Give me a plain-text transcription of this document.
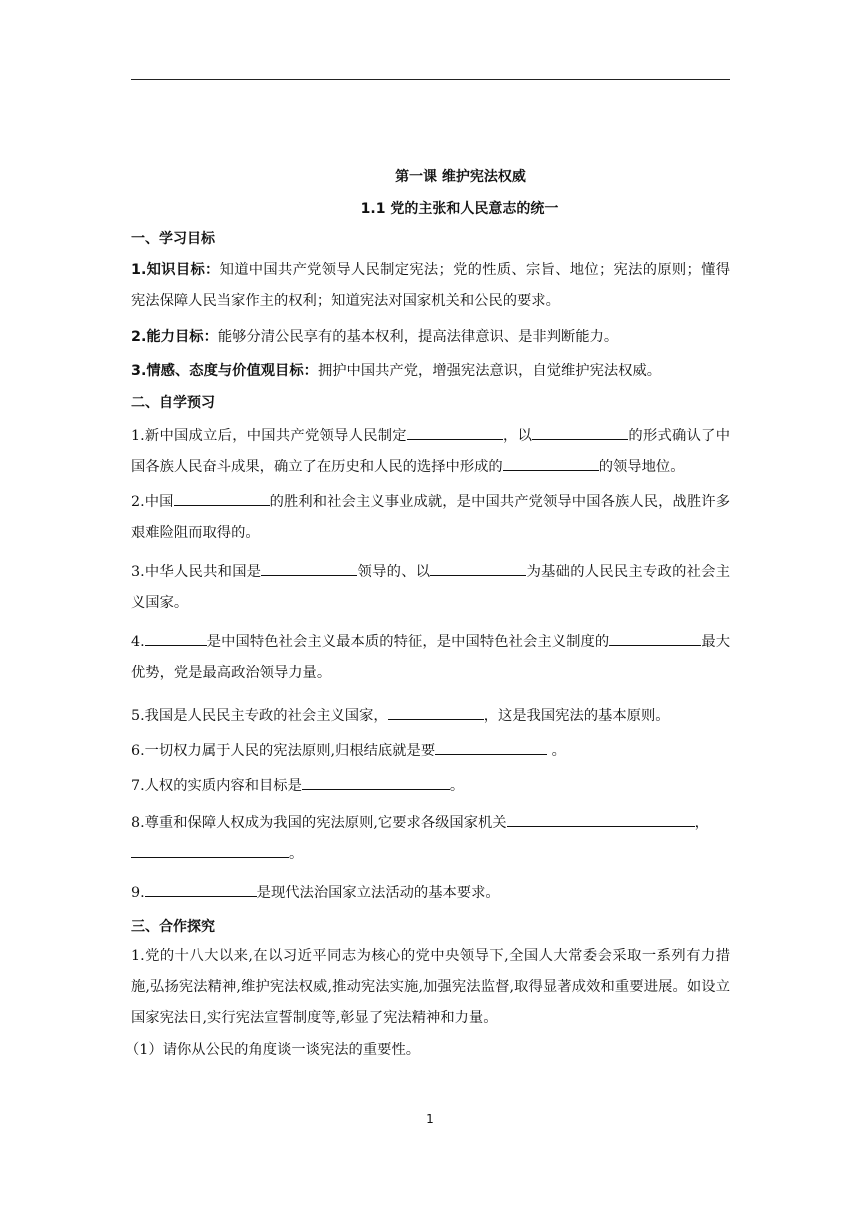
第一课 维护宪法权威
1.1 党的主张和人民意志的统一
一、学习目标
1.知识目标：知道中国共产党领导人民制定宪法；党的性质、宗旨、地位；宪法的原则；懂得宪法保障人民当家作主的权利；知道宪法对国家机关和公民的要求。
2.能力目标：能够分清公民享有的基本权利，提高法律意识、是非判断能力。
3.情感、态度与价值观目标：拥护中国共产党，增强宪法意识，自觉维护宪法权威。
二、自学预习
1.新中国成立后，中国共产党领导人民制定	，以	的形式确认了中国各族人民奋斗成果，确立了在历史和人民的选择中形成的	的领导地位。
2.中国	的胜利和社会主义事业成就，是中国共产党领导中国各族人民，战胜许多艰难险阻而取得的。
3.中华人民共和国是	领导的、以	为基础的人民民主专政的社会主义国家。
4.	是中国特色社会主义最本质的特征，是中国特色社会主义制度的	最大优势，党是最高政治领导力量。
5.我国是人民民主专政的社会主义国家，	，这是我国宪法的基本原则。
6.一切权力属于人民的宪法原则,归根结底就是要	。
7.人权的实质内容和目标是	。
8.尊重和保障人权成为我国的宪法原则,它要求各级国家机关	，
。
9.	是现代法治国家立法活动的基本要求。
三、合作探究
1.党的十八大以来,在以习近平同志为核心的党中央领导下,全国人大常委会采取一系列有力措施,弘扬宪法精神,维护宪法权威,推动宪法实施,加强宪法监督,取得显著成效和重要进展。如设立国家宪法日,实行宪法宣誓制度等,彰显了宪法精神和力量。
（1）请你从公民的角度谈一谈宪法的重要性。
1
